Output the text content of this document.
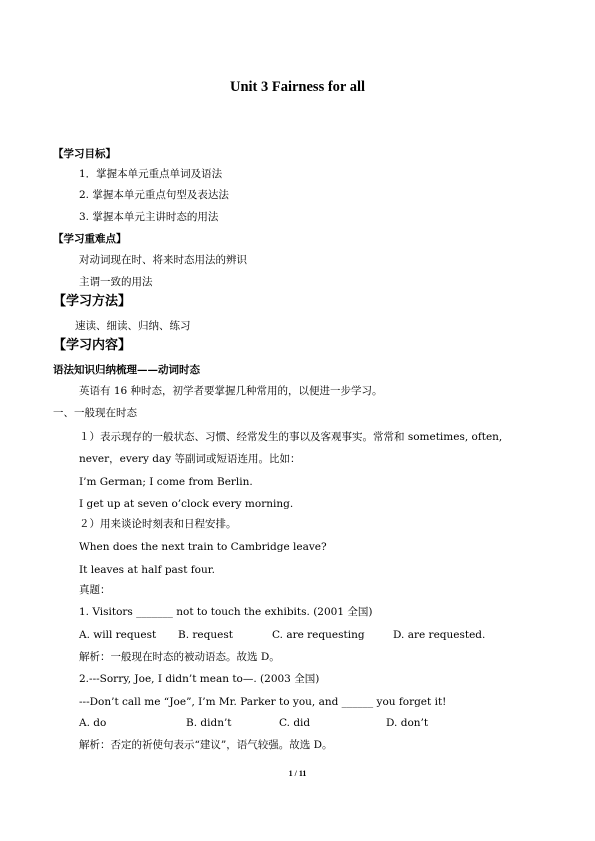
Unit 3 Fairness for all
【学习目标】
1．掌握本单元重点单词及语法
2. 掌握本单元重点句型及表达法
3. 掌握本单元主讲时态的用法
【学习重难点】
对动词现在时、将来时态用法的辨识
主谓一致的用法
【学习方法】
速读、细读、归纳、练习
【学习内容】
语法知识归纳梳理——动词时态
英语有 16 种时态，初学者要掌握几种常用的，以便进一步学习。
一、一般现在时态
１）表示现存的一般状态、习惯、经常发生的事以及客观事实。常常和 sometimes, often,
never，every day 等副词或短语连用。比如：
I’m German; I come from Berlin.
I get up at seven o’clock every morning.
２）用来谈论时刻表和日程安排。
When does the next train to Cambridge leave?
It leaves at half past four.
真题：
1. Visitors _______ not to touch the exhibits. (2001 全国)
A. will request B. request	C. are requesting	D. are requested.
解析：一般现在时态的被动语态。故选 D。
2.---Sorry, Joe, I didn’t mean to—. (2003 全国)
---Don’t call me “Joe”, I’m Mr. Parker to you, and ______ you forget it!
A. do	B. didn’t	C. did	D. don’t
解析：否定的祈使句表示“建议”，语气较强。故选 D。
1 / 11
